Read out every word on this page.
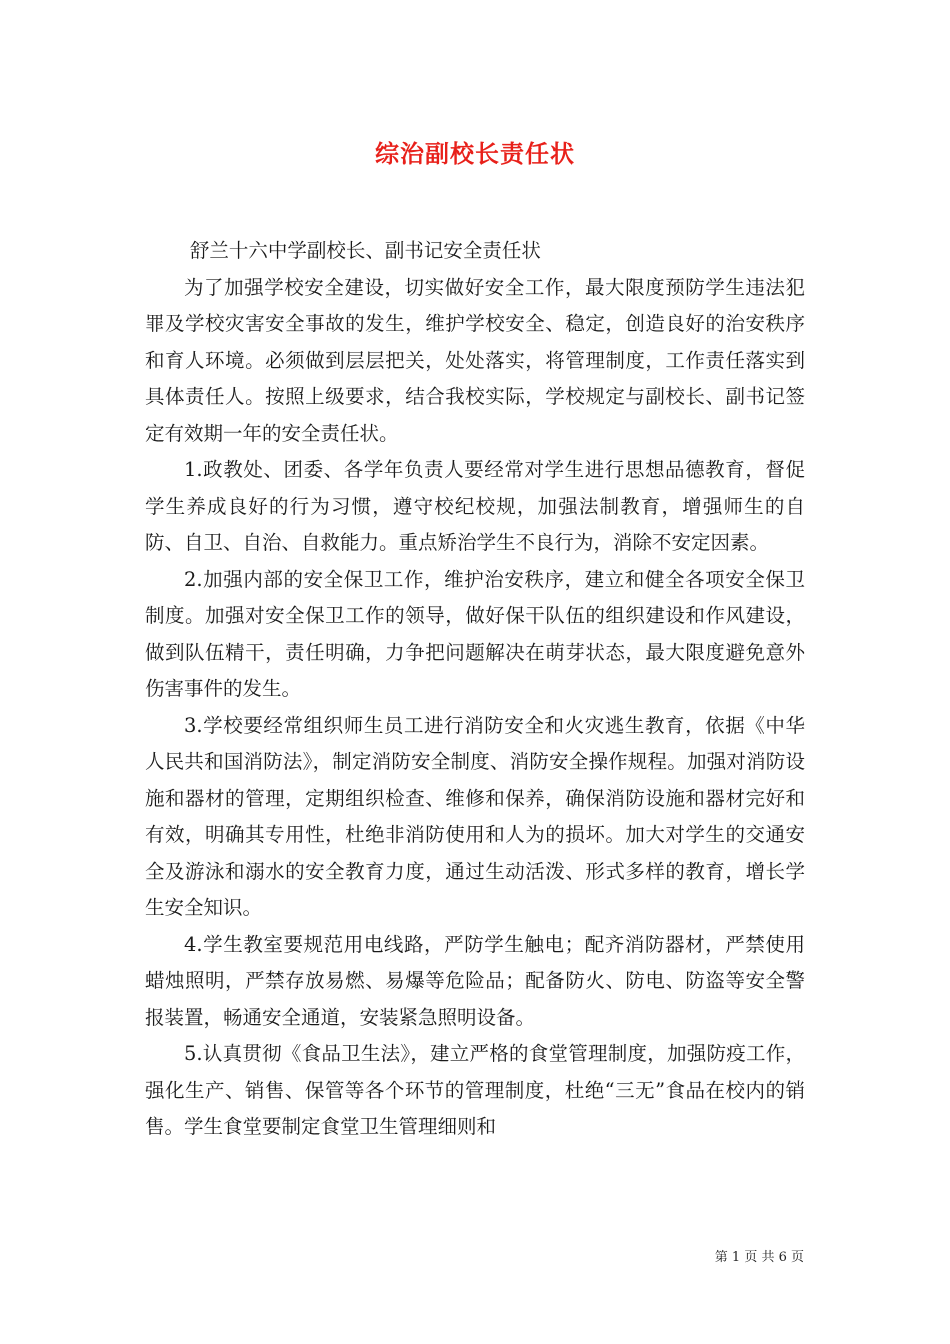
综治副校长责任状

舒兰十六中学副校长、副书记安全责任状

为了加强学校安全建设，切实做好安全工作，最大限度预防学生违法犯罪及学校灾害安全事故的发生，维护学校安全、稳定，创造良好的治安秩序和育人环境。必须做到层层把关，处处落实，将管理制度，工作责任落实到具体责任人。按照上级要求，结合我校实际，学校规定与副校长、副书记签定有效期一年的安全责任状。

1.政教处、团委、各学年负责人要经常对学生进行思想品德教育，督促学生养成良好的行为习惯，遵守校纪校规，加强法制教育，增强师生的自防、自卫、自治、自救能力。重点矫治学生不良行为，消除不安定因素。

2.加强内部的安全保卫工作，维护治安秩序，建立和健全各项安全保卫制度。加强对安全保卫工作的领导，做好保干队伍的组织建设和作风建设，做到队伍精干，责任明确，力争把问题解决在萌芽状态，最大限度避免意外伤害事件的发生。

3.学校要经常组织师生员工进行消防安全和火灾逃生教育，依据《中华人民共和国消防法》，制定消防安全制度、消防安全操作规程。加强对消防设施和器材的管理，定期组织检查、维修和保养，确保消防设施和器材完好和有效，明确其专用性，杜绝非消防使用和人为的损坏。加大对学生的交通安全及游泳和溺水的安全教育力度，通过生动活泼、形式多样的教育，增长学生安全知识。

4.学生教室要规范用电线路，严防学生触电；配齐消防器材，严禁使用蜡烛照明，严禁存放易燃、易爆等危险品；配备防火、防电、防盗等安全警报装置，畅通安全通道，安装紧急照明设备。

5.认真贯彻《食品卫生法》，建立严格的食堂管理制度，加强防疫工作，强化生产、销售、保管等各个环节的管理制度，杜绝“三无”食品在校内的销售。学生食堂要制定食堂卫生管理细则和

第 1 页 共 6 页
